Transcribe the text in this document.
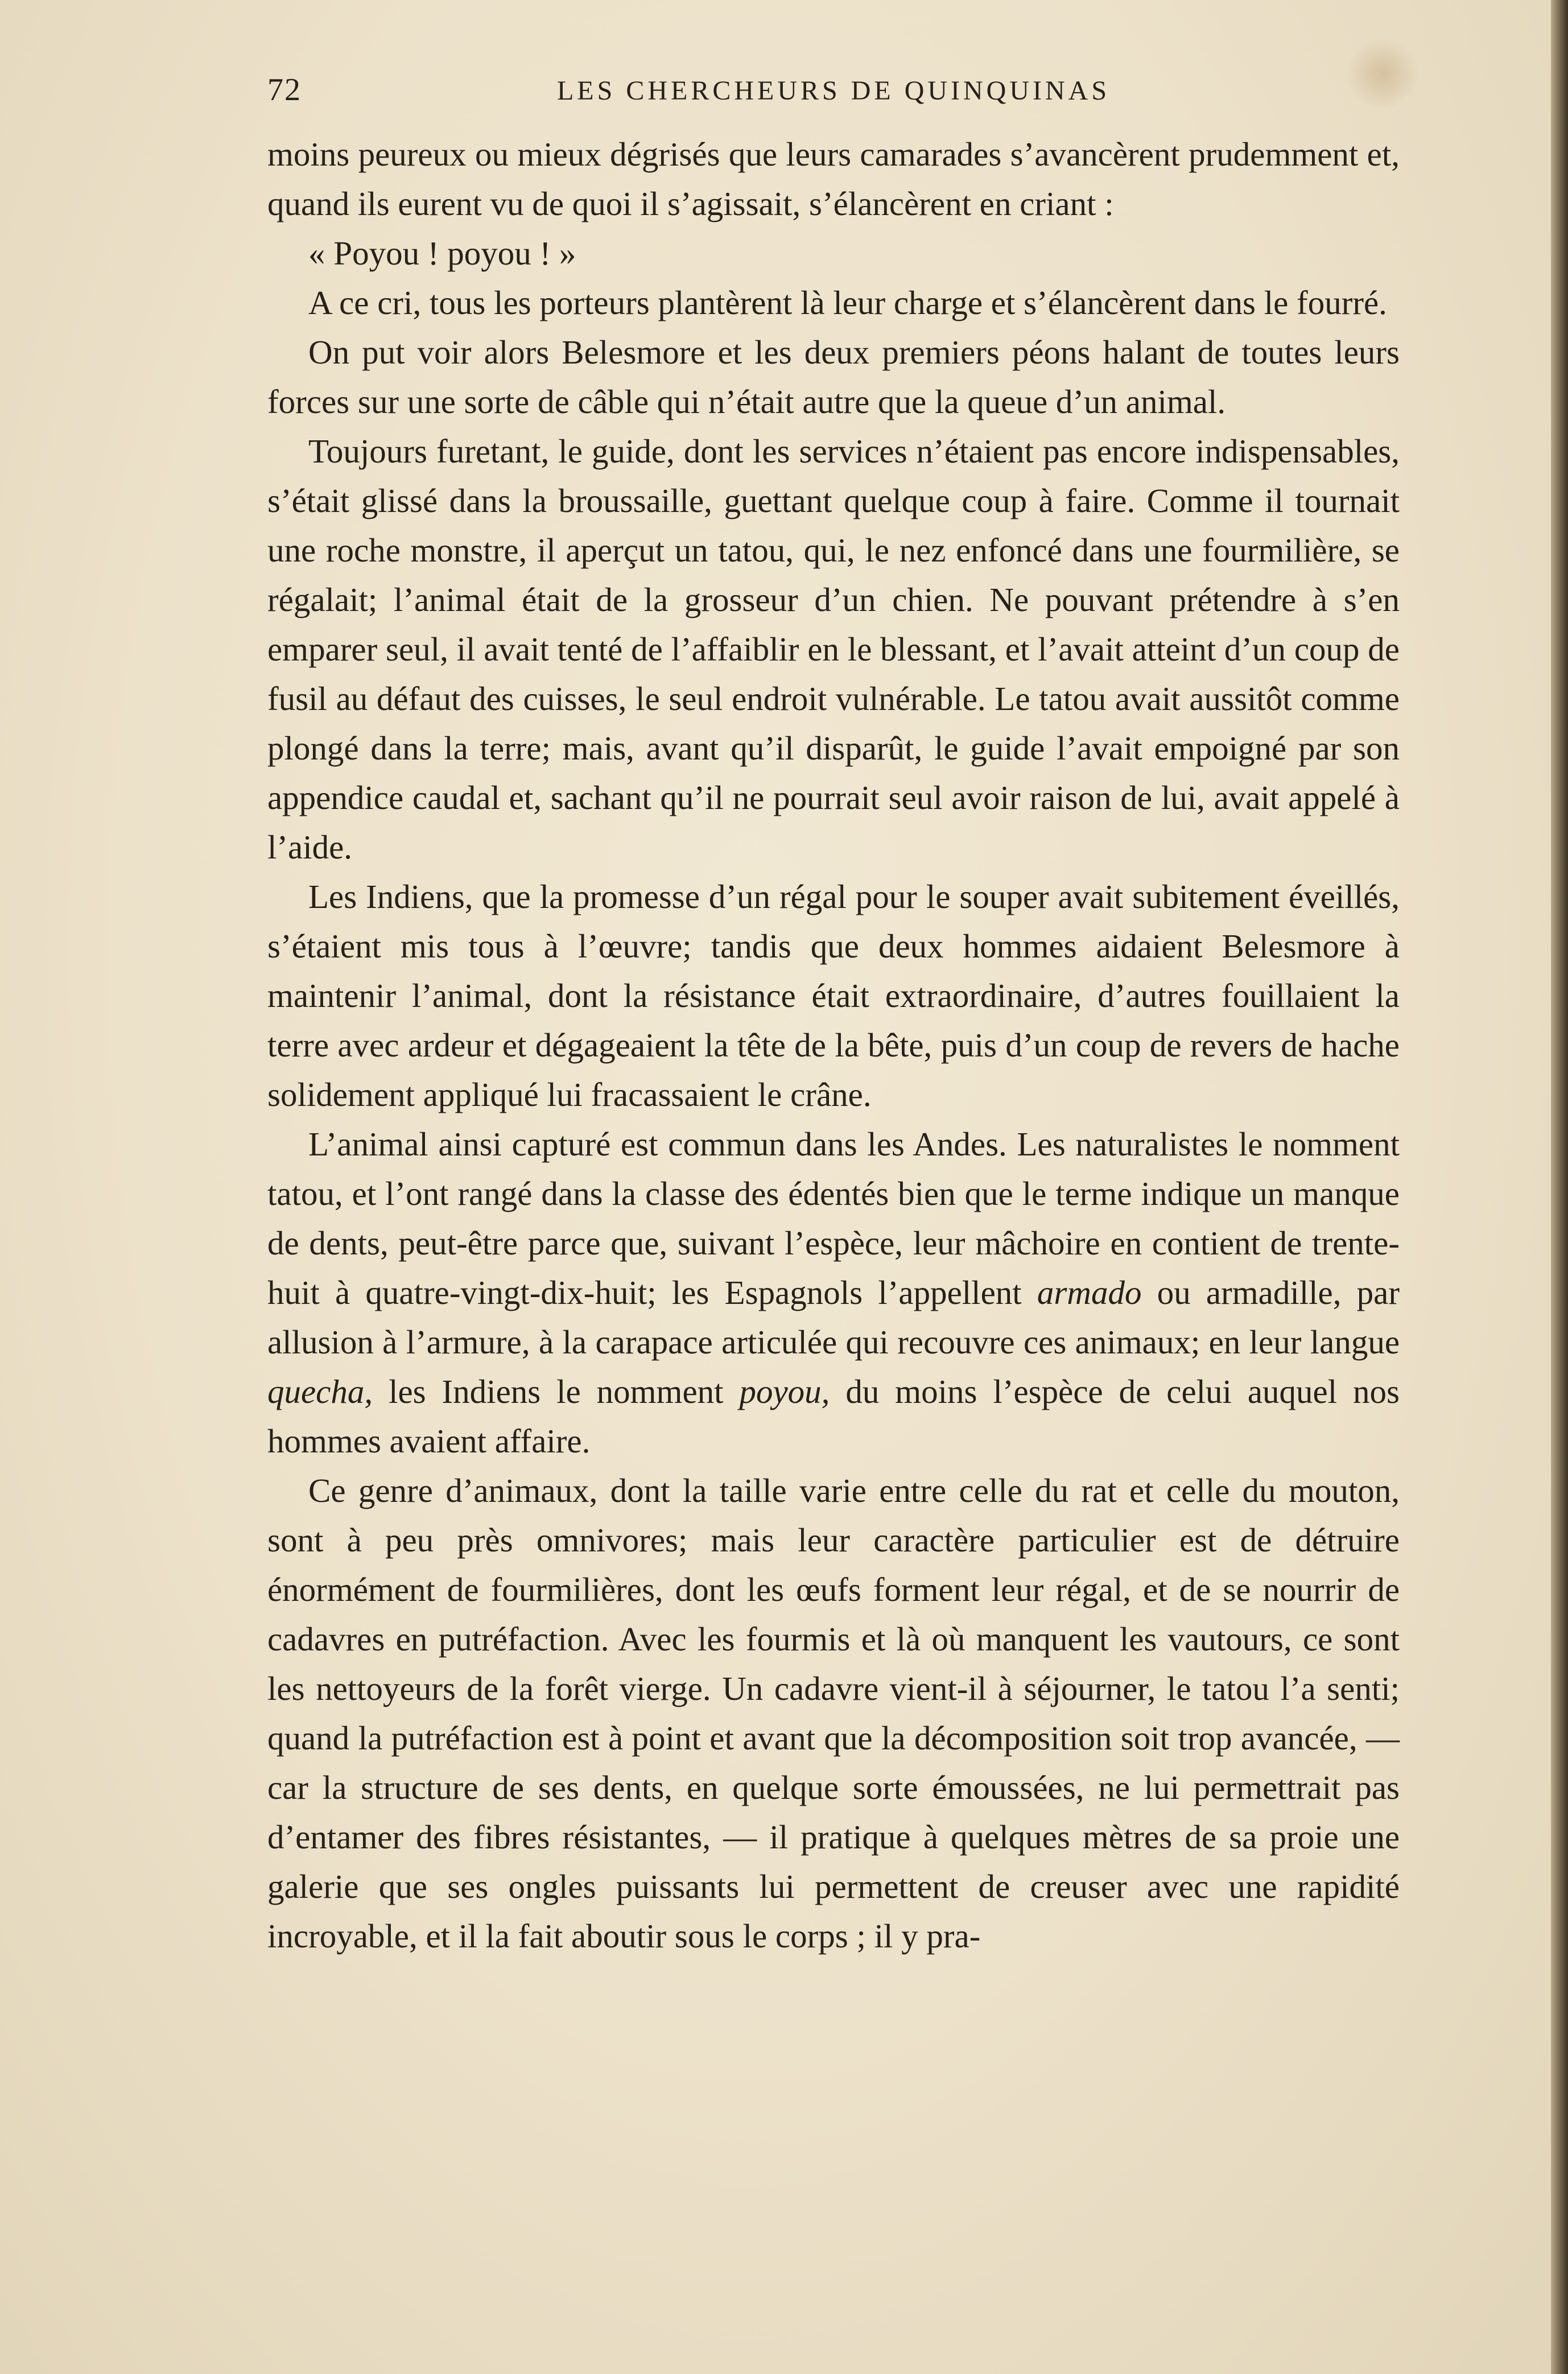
72	LES CHERCHEURS DE QUINQUINAS

moins peureux ou mieux dégrisés que leurs camarades s’avancèrent prudemment et, quand ils eurent vu de quoi il s’agissait, s’élancèrent en criant :

« Poyou ! poyou ! »

A ce cri, tous les porteurs plantèrent là leur charge et s’élancèrent dans le fourré.

On put voir alors Belesmore et les deux premiers péons halant de toutes leurs forces sur une sorte de câble qui n’était autre que la queue d’un animal.

Toujours furetant, le guide, dont les services n’étaient pas encore indispensables, s’était glissé dans la broussaille, guettant quelque coup à faire. Comme il tournait une roche monstre, il aperçut un tatou, qui, le nez enfoncé dans une fourmilière, se régalait; l’animal était de la grosseur d’un chien. Ne pouvant prétendre à s’en emparer seul, il avait tenté de l’affaiblir en le blessant, et l’avait atteint d’un coup de fusil au défaut des cuisses, le seul endroit vulnérable. Le tatou avait aussitôt comme plongé dans la terre; mais, avant qu’il disparût, le guide l’avait empoigné par son appendice caudal et, sachant qu’il ne pourrait seul avoir raison de lui, avait appelé à l’aide.

Les Indiens, que la promesse d’un régal pour le souper avait subitement éveillés, s’étaient mis tous à l’œuvre; tandis que deux hommes aidaient Belesmore à maintenir l’animal, dont la résistance était extraordinaire, d’autres fouillaient la terre avec ardeur et dégageaient la tête de la bête, puis d’un coup de revers de hache solidement appliqué lui fracassaient le crâne.

L’animal ainsi capturé est commun dans les Andes. Les naturalistes le nomment tatou, et l’ont rangé dans la classe des édentés bien que le terme indique un manque de dents, peut-être parce que, suivant l’espèce, leur mâchoire en contient de trente-huit à quatre-vingt-dix-huit; les Espagnols l’appellent armado ou armadille, par allusion à l’armure, à la carapace articulée qui recouvre ces animaux; en leur langue quecha, les Indiens le nomment poyou, du moins l’espèce de celui auquel nos hommes avaient affaire.

Ce genre d’animaux, dont la taille varie entre celle du rat et celle du mouton, sont à peu près omnivores; mais leur caractère particulier est de détruire énormément de fourmilières, dont les œufs forment leur régal, et de se nourrir de cadavres en putréfaction. Avec les fourmis et là où manquent les vautours, ce sont les nettoyeurs de la forêt vierge. Un cadavre vient-il à séjourner, le tatou l’a senti; quand la putréfaction est à point et avant que la décomposition soit trop avancée, — car la structure de ses dents, en quelque sorte émoussées, ne lui permettrait pas d’entamer des fibres résistantes, — il pratique à quelques mètres de sa proie une galerie que ses ongles puissants lui permettent de creuser avec une rapidité incroyable, et il la fait aboutir sous le corps ; il y pra-
